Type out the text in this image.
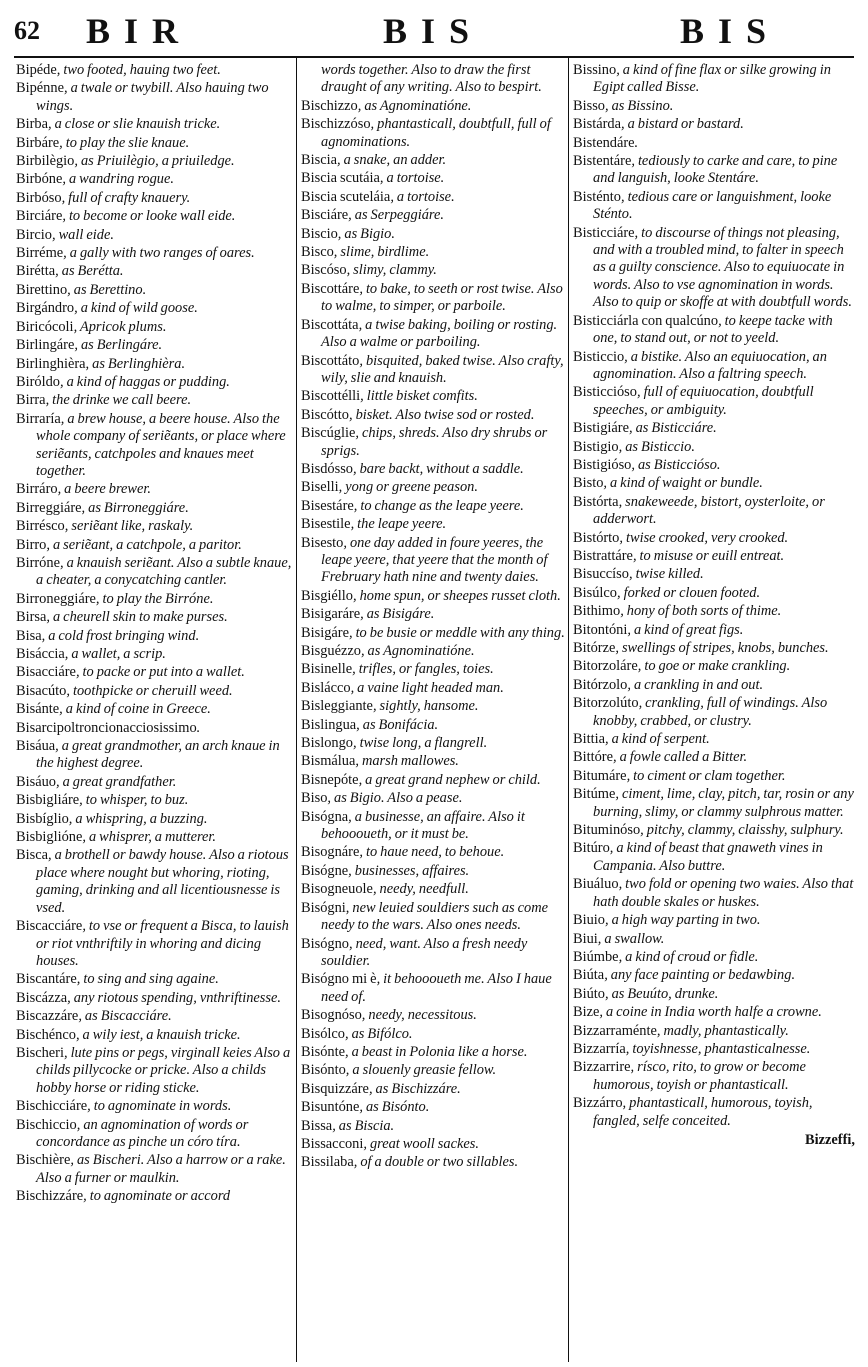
62 BIR	BIS	BIS
Bipéde, two footed, hauing two feet.
Bipénne, a twale or twybill. Also hauing two wings.
Birba, a close or slie knauish tricke.
Birbáre, to play the slie knaue.
Birbilègio, as Priuilègio, a priuiledge.
Birbóne, a wandring rogue.
Birbóso, full of crafty knauery.
Birciáre, to become or looke wall eide.
Bircio, wall eide.
Birréme, a gally with two ranges of oares.
Birétta, as Berétta.
Birettino, as Berettino.
Birgándro, a kind of wild goose.
Biricócoli, Apricok plums.
Birlingáre, as Berlingáre.
Birlinghièra, as Berlinghièra.
Biróldo, a kind of haggas or pudding.
Birra, the drinke we call beere.
Birraría, a brew house, a beere house. Also the whole company of seriẽants, or place where seriẽants, catchpoles and knaues meet together.
Birráro, a beere brewer.
Birreggiáre, as Birroneggiáre.
Birrésco, seriẽant like, raskaly.
Birro, a seriẽant, a catchpole, a paritor.
Birróne, a knauish seriẽant. Also a subtle knaue, a cheater, a conycatching cantler.
Birroneggiáre, to play the Birróne.
Birsa, a cheurell skin to make purses.
Bisa, a cold frost bringing wind.
Bisáccia, a wallet, a scrip.
Bisacciáre, to packe or put into a wallet.
Bisacúto, toothpicke or cheruill weed.
Bisánte, a kind of coine in Greece.
Bisarcipoltroncionacciosissimo.
Bisáua, a great grandmother, an arch knaue in the highest degree.
Bisáuo, a great grandfather.
Bisbigliáre, to whisper, to buz.
Bisbíglio, a whispring, a buzzing.
Bisbiglióne, a whisprer, a mutterer.
Bisca, a brothell or bawdy house. Also a riotous place where nought but whoring, rioting, gaming, drinking and all licentiousnesse is vsed.
Biscacciáre, to vse or frequent a Bisca, to lauish or riot vnthriftily in whoring and dicing houses.
Biscantáre, to sing and sing againe.
Biscázza, any riotous spending, vnthriftinesse.
Biscazzáre, as Biscacciáre.
Bischénco, a wily iest, a knauish tricke.
Bischeri, lute pins or pegs, virginall keies Also a childs pillycocke or pricke. Also a childs hobby horse or riding sticke.
Bischicciáre, to agnominate in words.
Bischiccio, an agnomination of words or concordance as pinche un córo tíra.
Bischière, as Bischeri. Also a harrow or a rake. Also a furner or maulkin.
Bischizzáre, to agnominate or accord
words together. Also to draw the first draught of any writing. Also to bespirt.
Bischizzo, as Agnominatióne.
Bischizzóso, phantasticall, doubtfull, full of agnominations.
Biscia, a snake, an adder.
Biscia scutáia, a tortoise.
Biscia scuteláia, a tortoise.
Bisciáre, as Serpeggiáre.
Biscio, as Bigio.
Bisco, slime, birdlime.
Biscóso, slimy, clammy.
Biscottáre, to bake, to seeth or rost twise. Also to walme, to simper, or parboile.
Biscottáta, a twise baking, boiling or rosting. Also a walme or parboiling.
Biscottáto, bisquited, baked twise. Also crafty, wily, slie and knauish.
Biscottélli, little bisket comfits.
Biscótto, bisket. Also twise sod or rosted.
Biscúglie, chips, shreds. Also dry shrubs or sprigs.
Bisdósso, bare backt, without a saddle.
Biselli, yong or greene peason.
Bisestáre, to change as the leape yeere.
Bisestile, the leape yeere.
Bisesto, one day added in foure yeeres, the leape yeere, that yeere that the month of Frebruary hath nine and twenty daies.
Bisgiéllo, home spun, or sheepes russet cloth.
Bisigaráre, as Bisigáre.
Bisigáre, to be busie or meddle with any thing.
Bisguézzo, as Agnominatióne.
Bisinelle, trifles, or fangles, toies.
Bisláccо, a vaine light headed man.
Bisleggiante, sightly, hansome.
Bislingua, as Bonifácia.
Bislongo, twise long, a flangrell.
Bismálua, marsh mallowes.
Bisnepóte, a great grand nephew or child.
Biso, as Bigio. Also a pease.
Bisógna, a businesse, an affaire. Also it behoooueth, or it must be.
Bisognáre, to haue need, to behoue.
Bisógne, businesses, affaires.
Bisogneuole, needy, needfull.
Bisógni, new leuied souldiers such as come needy to the wars. Also ones needs.
Bisógno, need, want. Also a fresh needy souldier.
Bisógno mi è, it behoooueth me. Also I haue need of.
Bisognóso, needy, necessitous.
Bisólco, as Bifólco.
Bisónte, a beast in Polonia like a horse.
Bisónto, a slouenly greasie fellow.
Bisquizzáre, as Bischizzáre.
Bisuntóne, as Bisónto.
Bissa, as Biscia.
Bissacconi, great wooll sackes.
Bissilaba, of a double or two sillables.
Bissino, a kind of fine flax or silke growing in Egipt called Bisse.
Bisso, as Bissino.
Bistárda, a bistard or bastard.
Bistendáre.
Bistentáre, tediously to carke and care, to pine and languish, looke Stentáre.
Bisténto, tedious care or languishment, looke Sténto.
Bisticciáre, to discourse of things not pleasing, and with a troubled mind, to falter in speech as a guilty conscience. Also to equiuocate in words. Also to vse agnomination in words. Also to quip or skoffe at with doubtfull words.
Bisticciárla con qualcúno, to keepe tacke with one, to stand out, or not to yeeld.
Bisticcio, a bistike. Also an equiuocation, an agnomination. Also a faltring speech.
Bisticcióso, full of equiuocation, doubtfull speeches, or ambiguity.
Bistigiáre, as Bisticciáre.
Bistigio, as Bisticcio.
Bistigióso, as Bisticcióso.
Bisto, a kind of waight or bundle.
Bistórta, snakeweede, bistort, oysterloite, or adderwort.
Bistórto, twise crooked, very crooked.
Bistrattáre, to misuse or euill entreat.
Bisuccíso, twise killed.
Bisúlco, forked or clouen footed.
Bithimo, hony of both sorts of thime.
Bitontóni, a kind of great figs.
Bitórze, swellings of stripes, knobs, bunches.
Bitorzoláre, to goe or make crankling.
Bitórzolo, a crankling in and out.
Bitorzolúto, crankling, full of windings. Also knobby, crabbed, or clustry.
Bittia, a kind of serpent.
Bittóre, a fowle called a Bitter.
Bitumáre, to ciment or clam together.
Bitúme, ciment, lime, clay, pitch, tar, rosin or any burning, slimy, or clammy sulphrous matter.
Bituminóso, pitchy, clammy, claisshy, sulphury.
Bitúro, a kind of beast that gnaweth vines in Campania. Also buttre.
Biuáluo, two fold or opening two waies. Also that hath double skales or huskes.
Biuio, a high way parting in two.
Biui, a swallow.
Biúmbe, a kind of croud or fidle.
Biúta, any face painting or bedawbing.
Biúto, as Beuúto, drunke.
Bize, a coine in India worth halfe a crowne.
Bizzarraménte, madly, phantastically.
Bizzarría, toyishnesse, phantasticalnesse.
Bizzarrire, rísco, rito, to grow or become humorous, toyish or phantasticall.
Bizzárro, phantasticall, humorous, toyish, fangled, selfe conceited.
Bizzeffi,
